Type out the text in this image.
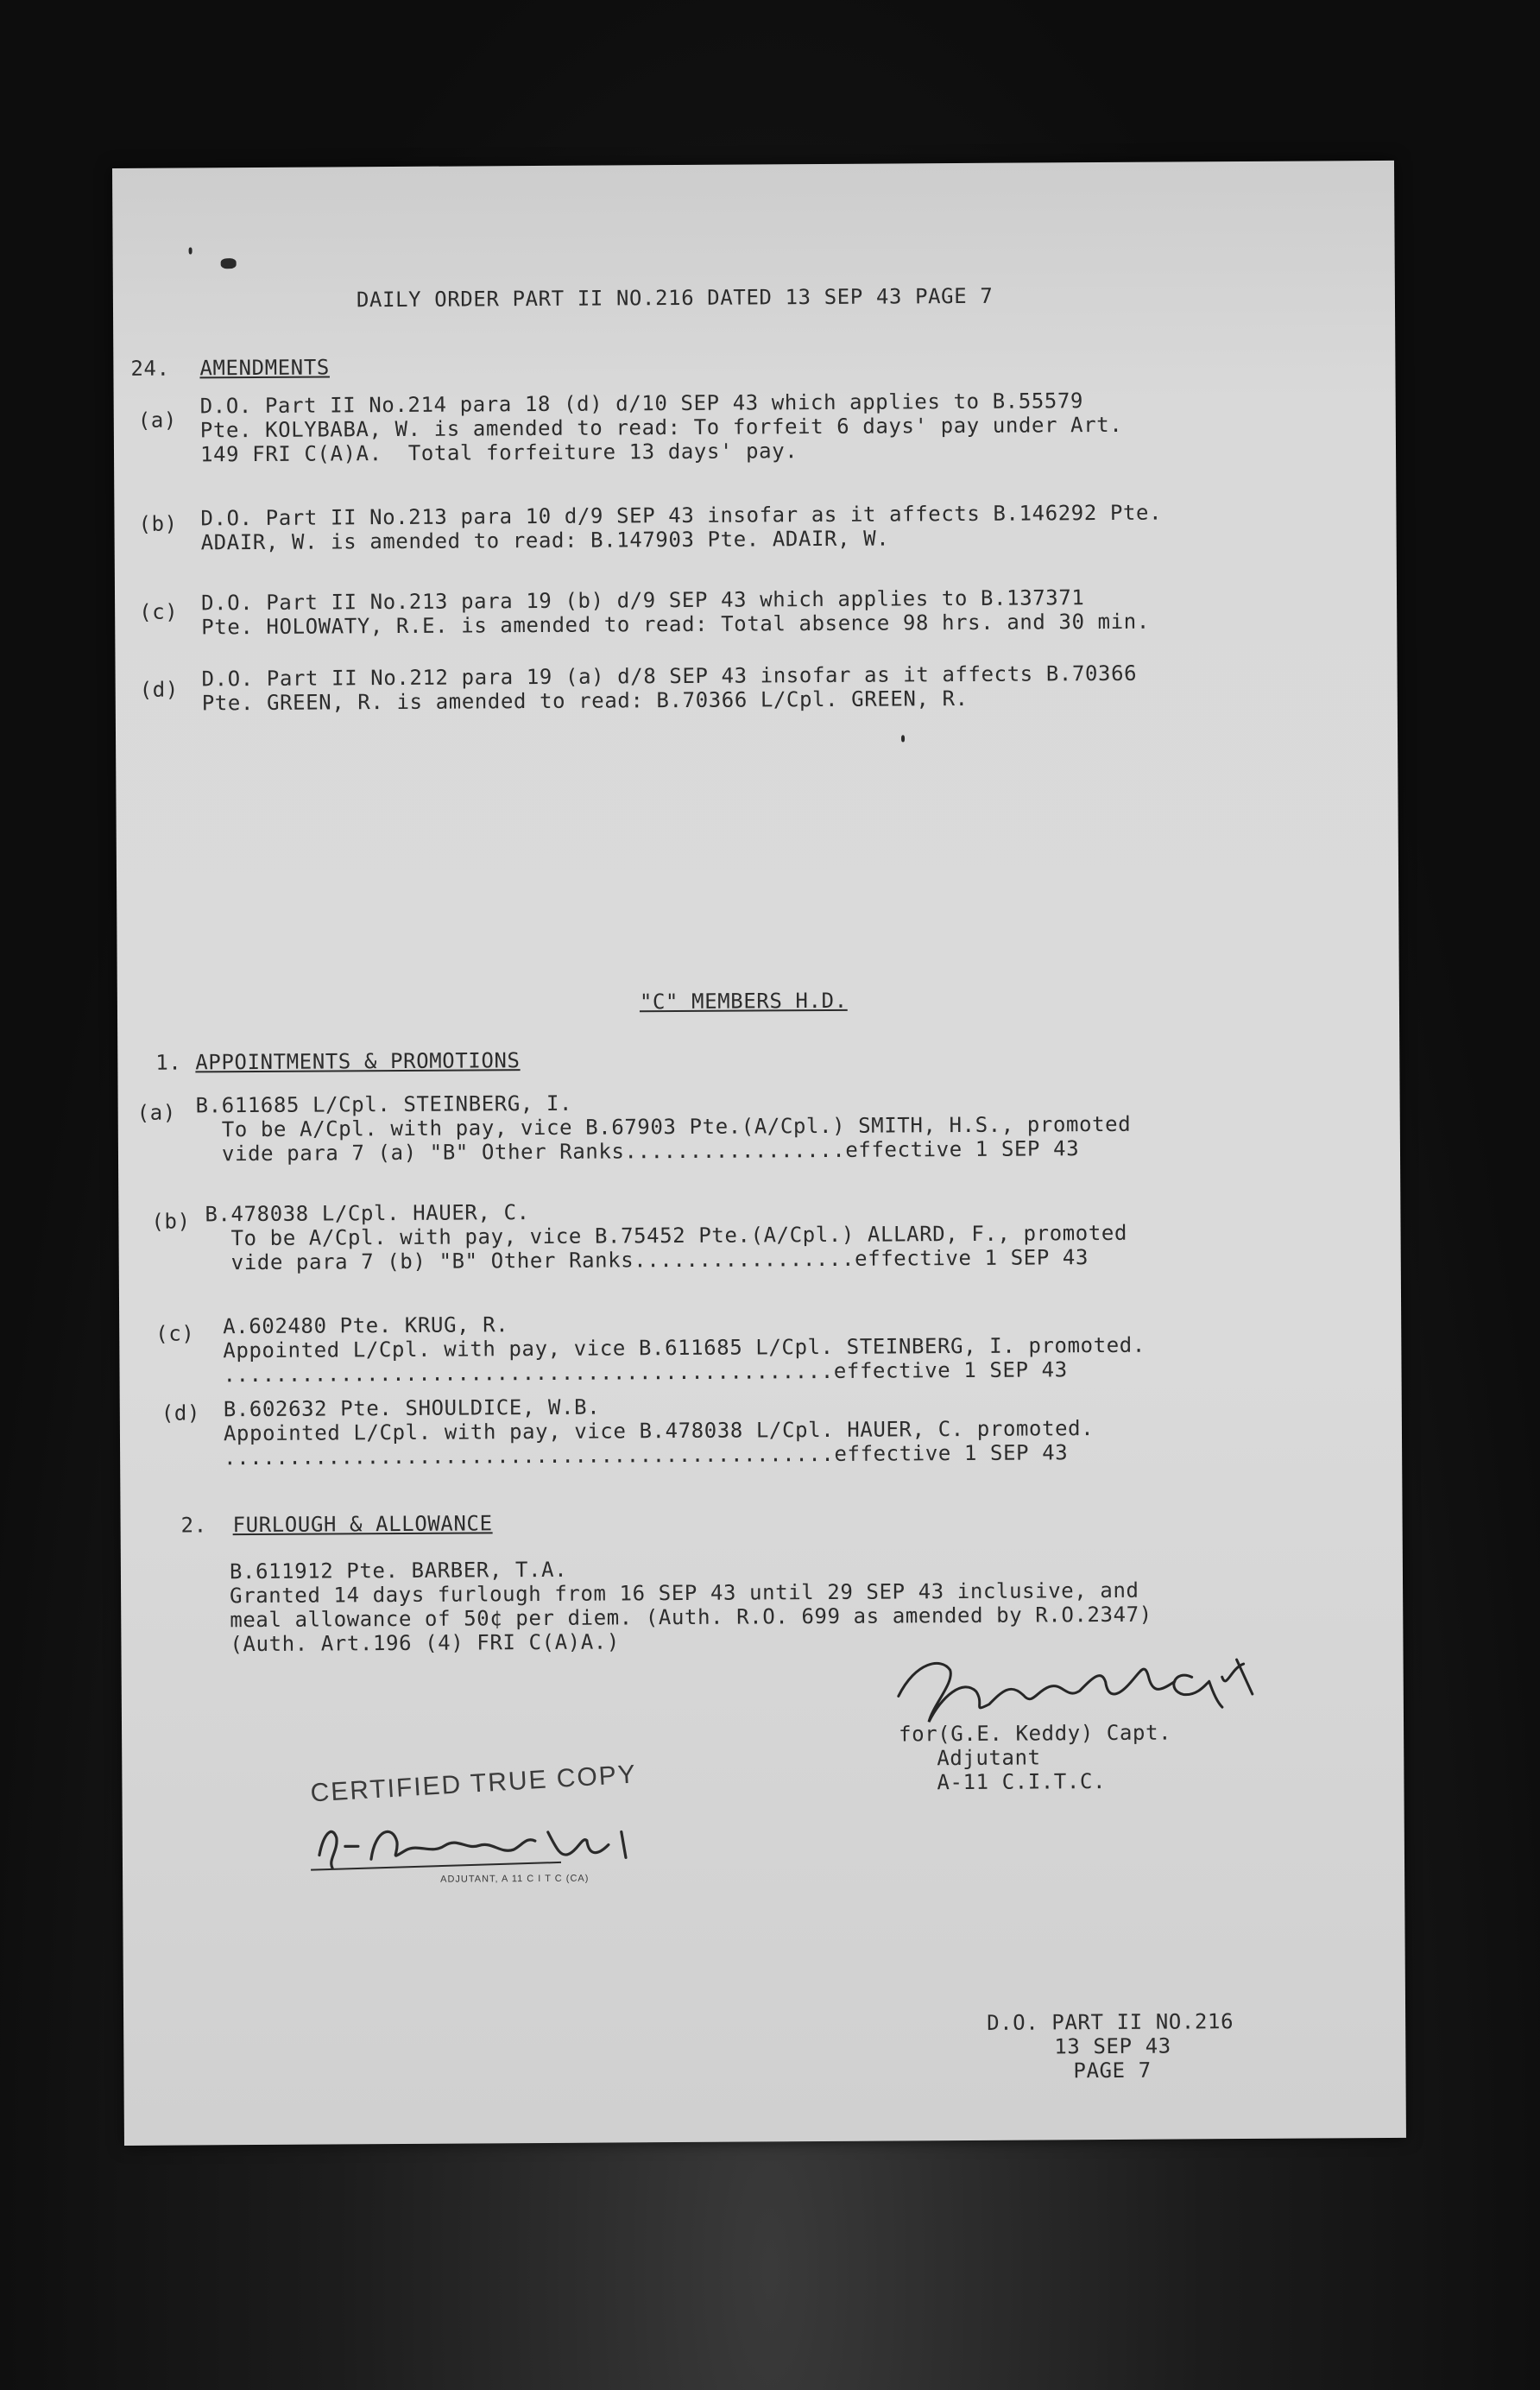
DAILY ORDER PART II NO.216 DATED 13 SEP 43 PAGE 7
24. AMENDMENTS
(a)
D.O. Part II No.214 para 18 (d) d/10 SEP 43 which applies to B.55579
Pte. KOLYBABA, W. is amended to read: To forfeit 6 days' pay under Art.
149 FRI C(A)A.  Total forfeiture 13 days' pay.
(b) D.O. Part II No.213 para 10 d/9 SEP 43 insofar as it affects B.146292 Pte.
ADAIR, W. is amended to read: B.147903 Pte. ADAIR, W.
(c) D.O. Part II No.213 para 19 (b) d/9 SEP 43 which applies to B.137371
Pte. HOLOWATY, R.E. is amended to read: Total absence 98 hrs. and 30 min.
(d) D.O. Part II No.212 para 19 (a) d/8 SEP 43 insofar as it affects B.70366
Pte. GREEN, R. is amended to read: B.70366 L/Cpl. GREEN, R.
"C" MEMBERS H.D.
1. APPOINTMENTS & PROMOTIONS
(a) B.611685 L/Cpl. STEINBERG, I.
To be A/Cpl. with pay, vice B.67903 Pte.(A/Cpl.) SMITH, H.S., promoted
vide para 7 (a) "B" Other Ranks.................effective 1 SEP 43
(b) B.478038 L/Cpl. HAUER, C.
To be A/Cpl. with pay, vice B.75452 Pte.(A/Cpl.) ALLARD, F., promoted
vide para 7 (b) "B" Other Ranks.................effective 1 SEP 43
(c) A.602480 Pte. KRUG, R.
Appointed L/Cpl. with pay, vice B.611685 L/Cpl. STEINBERG, I. promoted.
...............................................effective 1 SEP 43
(d) B.602632 Pte. SHOULDICE, W.B.
Appointed L/Cpl. with pay, vice B.478038 L/Cpl. HAUER, C. promoted.
...............................................effective 1 SEP 43
2. FURLOUGH & ALLOWANCE
B.611912 Pte. BARBER, T.A.
Granted 14 days furlough from 16 SEP 43 until 29 SEP 43 inclusive, and
meal allowance of 50¢ per diem. (Auth. R.O. 699 as amended by R.O.2347)
(Auth. Art.196 (4) FRI C(A)A.)
for(G.E. Keddy) Capt.
Adjutant
A-11 C.I.T.C.
CERTIFIED TRUE COPY
ADJUTANT, A 11 C I T C (CA)
D.O. PART II NO.216
13 SEP 43
PAGE 7
